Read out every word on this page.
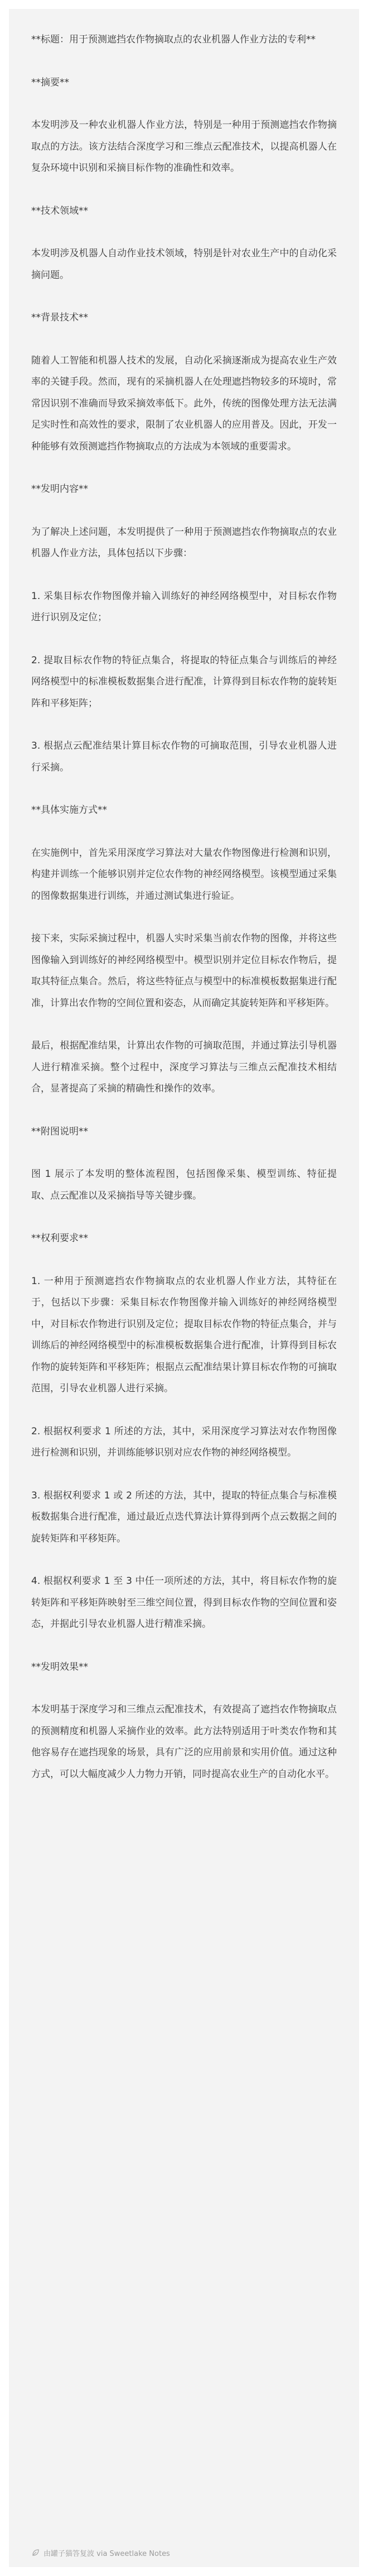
**标题：用于预测遮挡农作物摘取点的农业机器人作业方法的专利**

**摘要**

本发明涉及一种农业机器人作业方法，特别是一种用于预测遮挡农作物摘取点的方法。该方法结合深度学习和三维点云配准技术，以提高机器人在复杂环境中识别和采摘目标作物的准确性和效率。

**技术领域**

本发明涉及机器人自动作业技术领域，特别是针对农业生产中的自动化采摘问题。

**背景技术**

随着人工智能和机器人技术的发展，自动化采摘逐渐成为提高农业生产效率的关键手段。然而，现有的采摘机器人在处理遮挡物较多的环境时，常常因识别不准确而导致采摘效率低下。此外，传统的图像处理方法无法满足实时性和高效性的要求，限制了农业机器人的应用普及。因此，开发一种能够有效预测遮挡作物摘取点的方法成为本领域的重要需求。

**发明内容**

为了解决上述问题，本发明提供了一种用于预测遮挡农作物摘取点的农业机器人作业方法，具体包括以下步骤：

1. 采集目标农作物图像并输入训练好的神经网络模型中，对目标农作物进行识别及定位；

2. 提取目标农作物的特征点集合，将提取的特征点集合与训练后的神经网络模型中的标准模板数据集合进行配准，计算得到目标农作物的旋转矩阵和平移矩阵；

3. 根据点云配准结果计算目标农作物的可摘取范围，引导农业机器人进行采摘。

**具体实施方式**

在实施例中，首先采用深度学习算法对大量农作物图像进行检测和识别，构建并训练一个能够识别并定位农作物的神经网络模型。该模型通过采集的图像数据集进行训练，并通过测试集进行验证。

接下来，实际采摘过程中，机器人实时采集当前农作物的图像，并将这些图像输入到训练好的神经网络模型中。模型识别并定位目标农作物后，提取其特征点集合。然后，将这些特征点与模型中的标准模板数据集进行配准，计算出农作物的空间位置和姿态，从而确定其旋转矩阵和平移矩阵。

最后，根据配准结果，计算出农作物的可摘取范围，并通过算法引导机器人进行精准采摘。整个过程中，深度学习算法与三维点云配准技术相结合，显著提高了采摘的精确性和操作的效率。

**附图说明**

图 1 展示了本发明的整体流程图，包括图像采集、模型训练、特征提取、点云配准以及采摘指导等关键步骤。

**权利要求**

1. 一种用于预测遮挡农作物摘取点的农业机器人作业方法，其特征在于，包括以下步骤：采集目标农作物图像并输入训练好的神经网络模型中，对目标农作物进行识别及定位；提取目标农作物的特征点集合，并与训练后的神经网络模型中的标准模板数据集合进行配准，计算得到目标农作物的旋转矩阵和平移矩阵；根据点云配准结果计算目标农作物的可摘取范围，引导农业机器人进行采摘。

2. 根据权利要求 1 所述的方法，其中，采用深度学习算法对农作物图像进行检测和识别，并训练能够识别对应农作物的神经网络模型。

3. 根据权利要求 1 或 2 所述的方法，其中，提取的特征点集合与标准模板数据集合进行配准，通过最近点迭代算法计算得到两个点云数据之间的旋转矩阵和平移矩阵。

4. 根据权利要求 1 至 3 中任一项所述的方法，其中，将目标农作物的旋转矩阵和平移矩阵映射至三维空间位置，得到目标农作物的空间位置和姿态，并据此引导农业机器人进行精准采摘。

**发明效果**

本发明基于深度学习和三维点云配准技术，有效提高了遮挡农作物摘取点的预测精度和机器人采摘作业的效率。此方法特别适用于叶类农作物和其他容易存在遮挡现象的场景，具有广泛的应用前景和实用价值。通过这种方式，可以大幅度减少人力物力开销，同时提高农业生产的自动化水平。

由罐子猫答复波 via Sweetlake Notes
